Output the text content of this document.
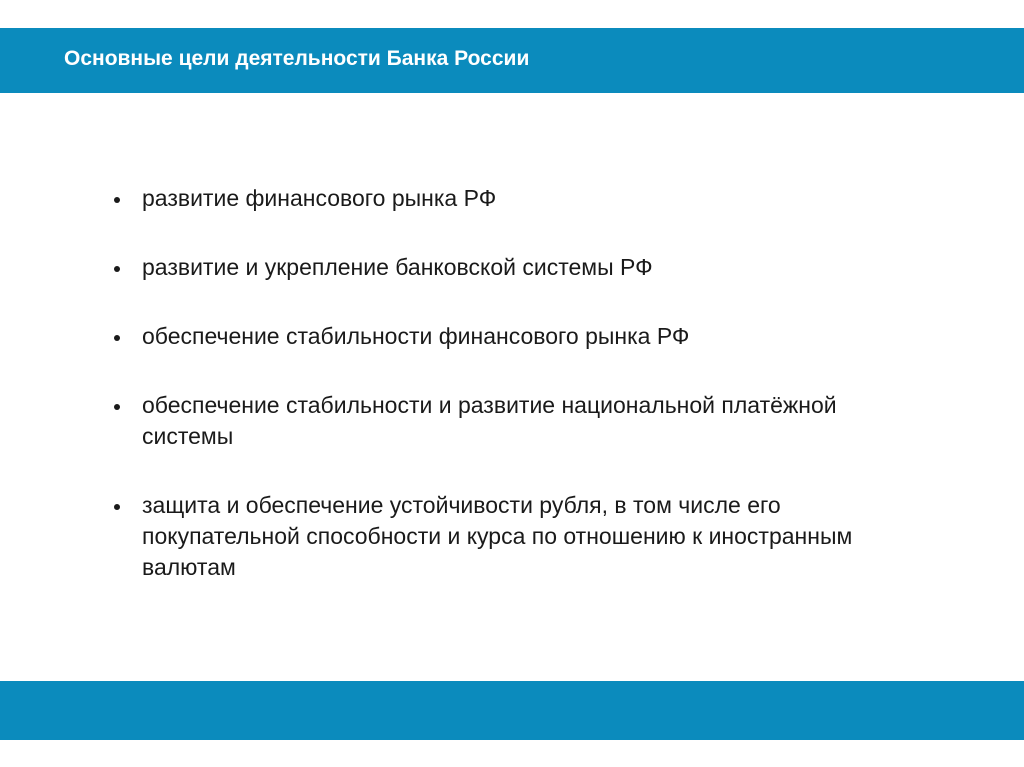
Основные цели деятельности Банка России
развитие финансового рынка РФ
развитие и укрепление банковской системы РФ
обеспечение стабильности финансового рынка РФ
обеспечение стабильности и развитие национальной платёжной системы
защита и обеспечение устойчивости рубля, в том числе его покупательной способности и курса по отношению к иностранным валютам
